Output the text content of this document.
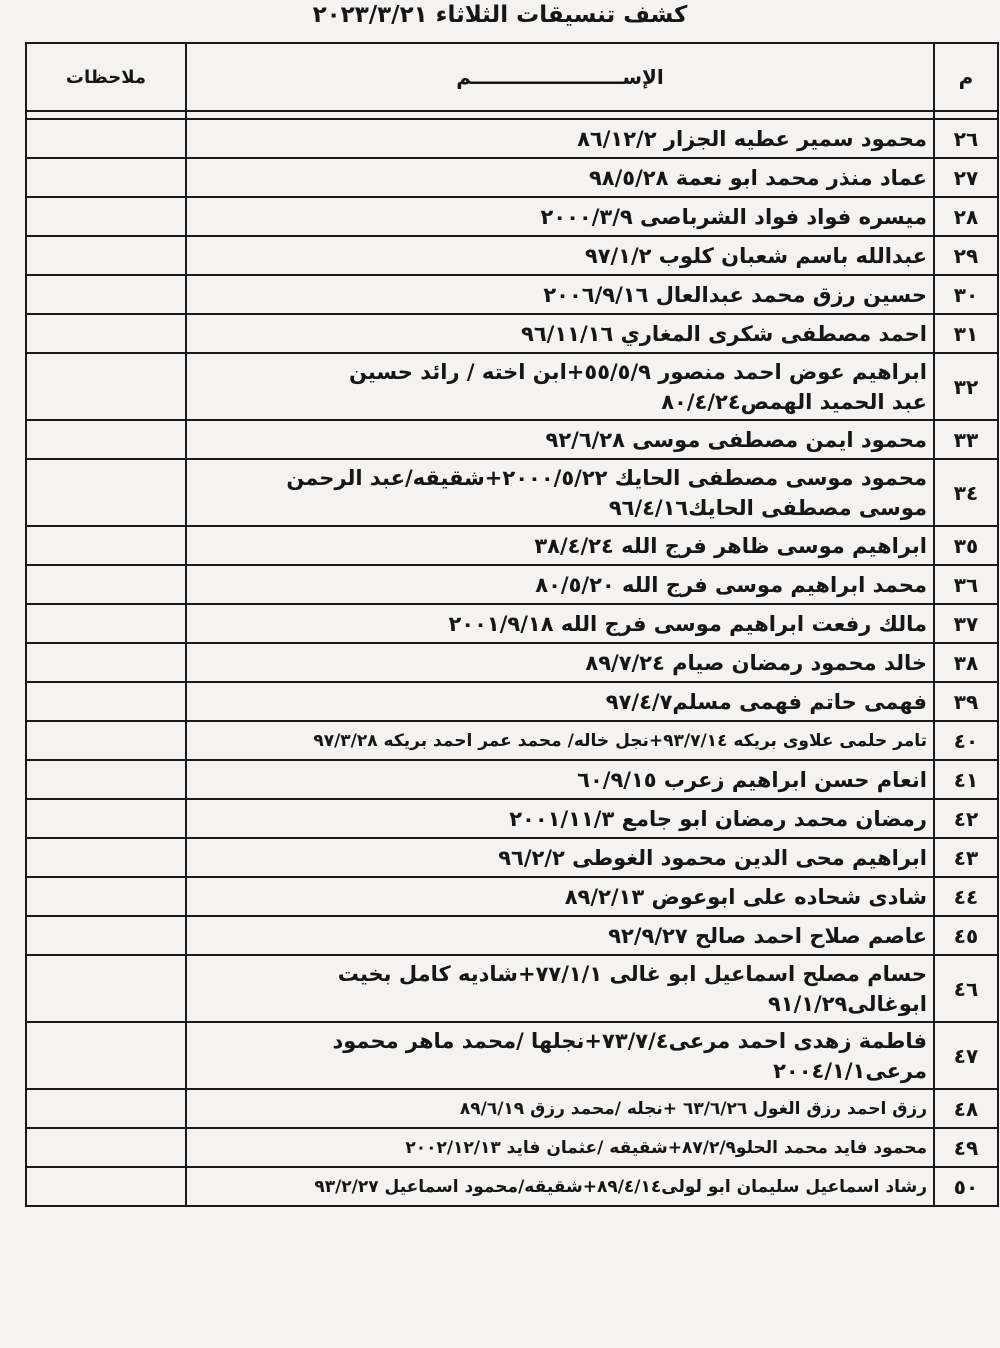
كشف تنسيقات الثلاثاء ٢٠٢٣/٣/٢١
م	الإســــــــــــــــــــــم	ملاحظات

٢٦	محمود سمير عطيه الجزار ٨٦/١٢/٢	
٢٧	عماد منذر محمد ابو نعمة ٩٨/٥/٢٨	
٢٨	ميسره فواد فواد الشرباصى ٢٠٠٠/٣/٩	
٢٩	عبدالله باسم شعبان كلوب ٩٧/١/٢	
٣٠	حسين رزق محمد عبدالعال ٢٠٠٦/٩/١٦	
٣١	احمد مصطفى شكرى المغاري ٩٦/١١/١٦	
٣٢	ابراهيم عوض احمد منصور ٥٥/٥/٩+ابن اخته / رائد حسين
عبد الحميد الهمص٨٠/٤/٢٤	
٣٣	محمود ايمن مصطفى موسى ٩٢/٦/٢٨	
٣٤	محمود موسى مصطفى الحايك ٢٠٠٠/٥/٢٢+شقيقه/عبد الرحمن
موسى مصطفى الحايك٩٦/٤/١٦	
٣٥	ابراهيم موسى ظاهر فرج الله ٣٨/٤/٢٤	
٣٦	محمد ابراهيم موسى فرج الله ٨٠/٥/٢٠	
٣٧	مالك رفعت ابراهيم موسى فرج الله ٢٠٠١/٩/١٨	
٣٨	خالد محمود رمضان صيام ٨٩/٧/٢٤	
٣٩	فهمى حاتم فهمى مسلم٩٧/٤/٧	
٤٠	تامر حلمى علاوى بريكه ٩٣/٧/١٤+نجل خاله/ محمد عمر احمد بريكه ٩٧/٣/٢٨	
٤١	انعام حسن ابراهيم زعرب ٦٠/٩/١٥	
٤٢	رمضان محمد رمضان ابو جامع ٢٠٠١/١١/٣	
٤٣	ابراهيم محى الدين محمود الغوطى ٩٦/٢/٢	
٤٤	شادى شحاده على ابوعوض ٨٩/٢/١٣	
٤٥	عاصم صلاح احمد صالح ٩٢/٩/٢٧	
٤٦	حسام مصلح اسماعيل ابو غالى ٧٧/١/١+شاديه كامل بخيت
ابوغالى٩١/١/٢٩	
٤٧	فاطمة زهدى احمد مرعى٧٣/٧/٤+نجلها /محمد ماهر محمود
مرعى٢٠٠٤/١/١	
٤٨	رزق احمد رزق الغول ٦٣/٦/٢٦ +نجله /محمد رزق ٨٩/٦/١٩	
٤٩	محمود فايد محمد الحلو٨٧/٢/٩+شقيقه /عثمان فايد ٢٠٠٢/١٢/١٣	
٥٠	رشاد اسماعيل سليمان ابو لولى٨٩/٤/١٤+شقيقه/محمود اسماعيل ٩٣/٢/٢٧	
